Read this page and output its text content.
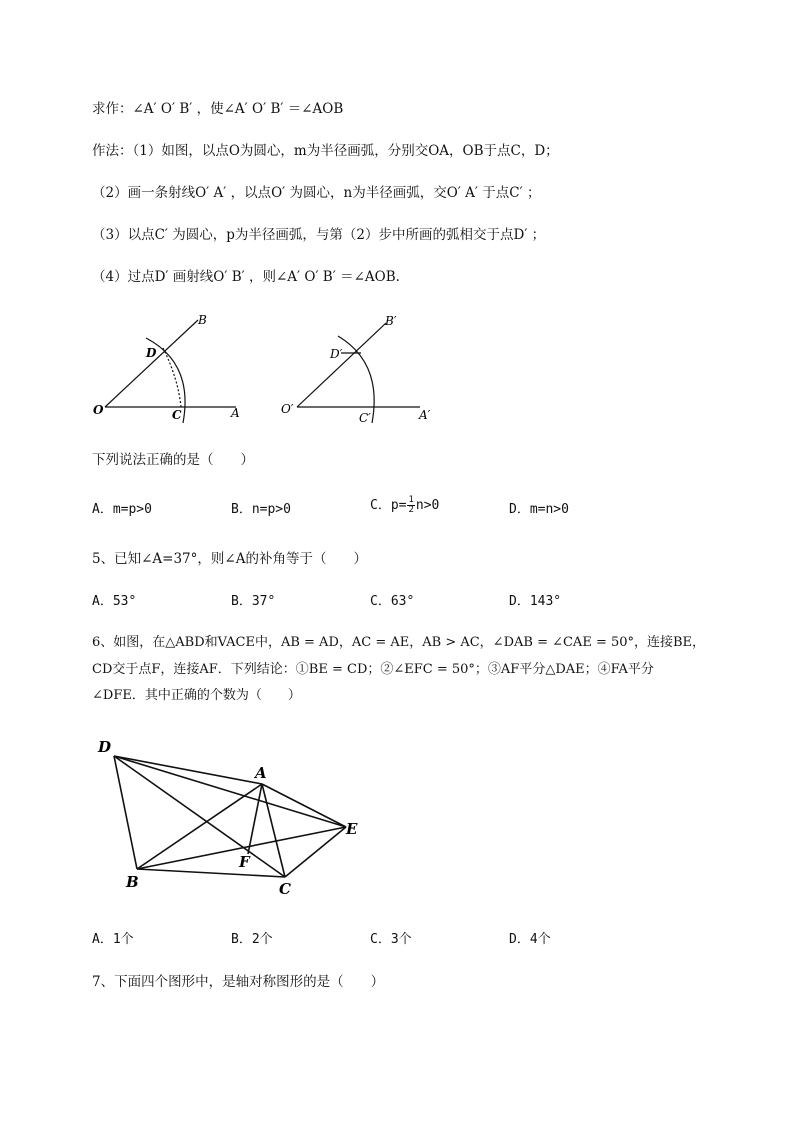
求作：∠A′ O′ B′ ，使∠A′ O′ B′ ＝∠AOB
作法：（1）如图，以点O为圆心，m为半径画弧，分别交OA，OB于点C，D；
（2）画一条射线O′ A′ ，以点O′ 为圆心，n为半径画弧，交O′ A′ 于点C′ ；
（3）以点C′ 为圆心，p为半径画弧，与第（2）步中所画的弧相交于点D′ ；
（4）过点D′ 画射线O′ B′ ，则∠A′ O′ B′ ＝∠AOB.
B
D
O	C	A
B′
D′
O′
C′	A′
下列说法正确的是（　　）
A．m=p>0	B．n=p>0	C．$p= \frac{1}{2} n>0$	D．m=n>0
5、已知∠A=37°，则∠A的补角等于（　　）
A．53°	B．37°	C．63°	D．143°
6、如图，在△ABD和VACE中，AB = AD，AC = AE，AB > AC，∠DAB = ∠CAE = 50°，连接BE，
CD交于点F，连接AF．下列结论：①BE = CD；②∠EFC = 50°；③AF平分△DAE；④FA平分
∠DFE．其中正确的个数为（　　）
D
A
E
F
B	C
A．1个	B．2个	C．3个	D．4个
7、下面四个图形中，是轴对称图形的是（　　）
